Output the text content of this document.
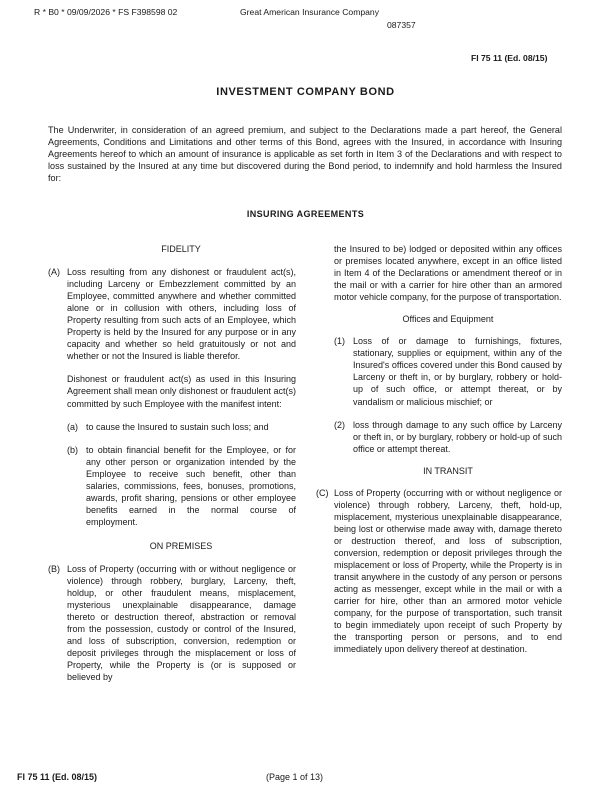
R * B0 * 09/09/2026 * FS F398598 02	Great American Insurance Company
087357
FI 75 11 (Ed. 08/15)
INVESTMENT COMPANY BOND
The Underwriter, in consideration of an agreed premium, and subject to the Declarations made a part hereof, the General Agreements, Conditions and Limitations and other terms of this Bond, agrees with the Insured, in accordance with Insuring Agreements hereof to which an amount of insurance is applicable as set forth in Item 3 of the Declarations and with respect to loss sustained by the Insured at any time but discovered during the Bond period, to indemnify and hold harmless the Insured for:
INSURING AGREEMENTS
FIDELITY
(A) Loss resulting from any dishonest or fraudulent act(s), including Larceny or Embezzlement committed by an Employee, committed anywhere and whether committed alone or in collusion with others, including loss of Property resulting from such acts of an Employee, which Property is held by the Insured for any purpose or in any capacity and whether so held gratuitously or not and whether or not the Insured is liable therefor.
Dishonest or fraudulent act(s) as used in this Insuring Agreement shall mean only dishonest or fraudulent act(s) committed by such Employee with the manifest intent:
(a) to cause the Insured to sustain such loss; and
(b) to obtain financial benefit for the Employee, or for any other person or organization intended by the Employee to receive such benefit, other than salaries, commissions, fees, bonuses, promotions, awards, profit sharing, pensions or other employee benefits earned in the normal course of employment.
ON PREMISES
(B) Loss of Property (occurring with or without negligence or violence) through robbery, burglary, Larceny, theft, holdup, or other fraudulent means, misplacement, mysterious unexplainable disappearance, damage thereto or destruction thereof, abstraction or removal from the possession, custody or control of the Insured, and loss of subscription, conversion, redemption or deposit privileges through the misplacement or loss of Property, while the Property is (or is supposed or believed by
the Insured to be) lodged or deposited within any offices or premises located anywhere, except in an office listed in Item 4 of the Declarations or amendment thereof or in the mail or with a carrier for hire other than an armored motor vehicle company, for the purpose of transportation.
Offices and Equipment
(1) Loss of or damage to furnishings, fixtures, stationary, supplies or equipment, within any of the Insured's offices covered under this Bond caused by Larceny or theft in, or by burglary, robbery or hold-up of such office, or attempt thereat, or by vandalism or malicious mischief; or
(2) loss through damage to any such office by Larceny or theft in, or by burglary, robbery or hold-up of such office or attempt thereat.
IN TRANSIT
(C) Loss of Property (occurring with or without negligence or violence) through robbery, Larceny, theft, hold-up, misplacement, mysterious unexplainable disappearance, being lost or otherwise made away with, damage thereto or destruction thereof, and loss of subscription, conversion, redemption or deposit privileges through the misplacement or loss of Property, while the Property is in transit anywhere in the custody of any person or persons acting as messenger, except while in the mail or with a carrier for hire, other than an armored motor vehicle company, for the purpose of transportation, such transit to begin immediately upon receipt of such Property by the transporting person or persons, and to end immediately upon delivery thereof at destination.
FI 75 11 (Ed. 08/15)	(Page 1 of 13)
